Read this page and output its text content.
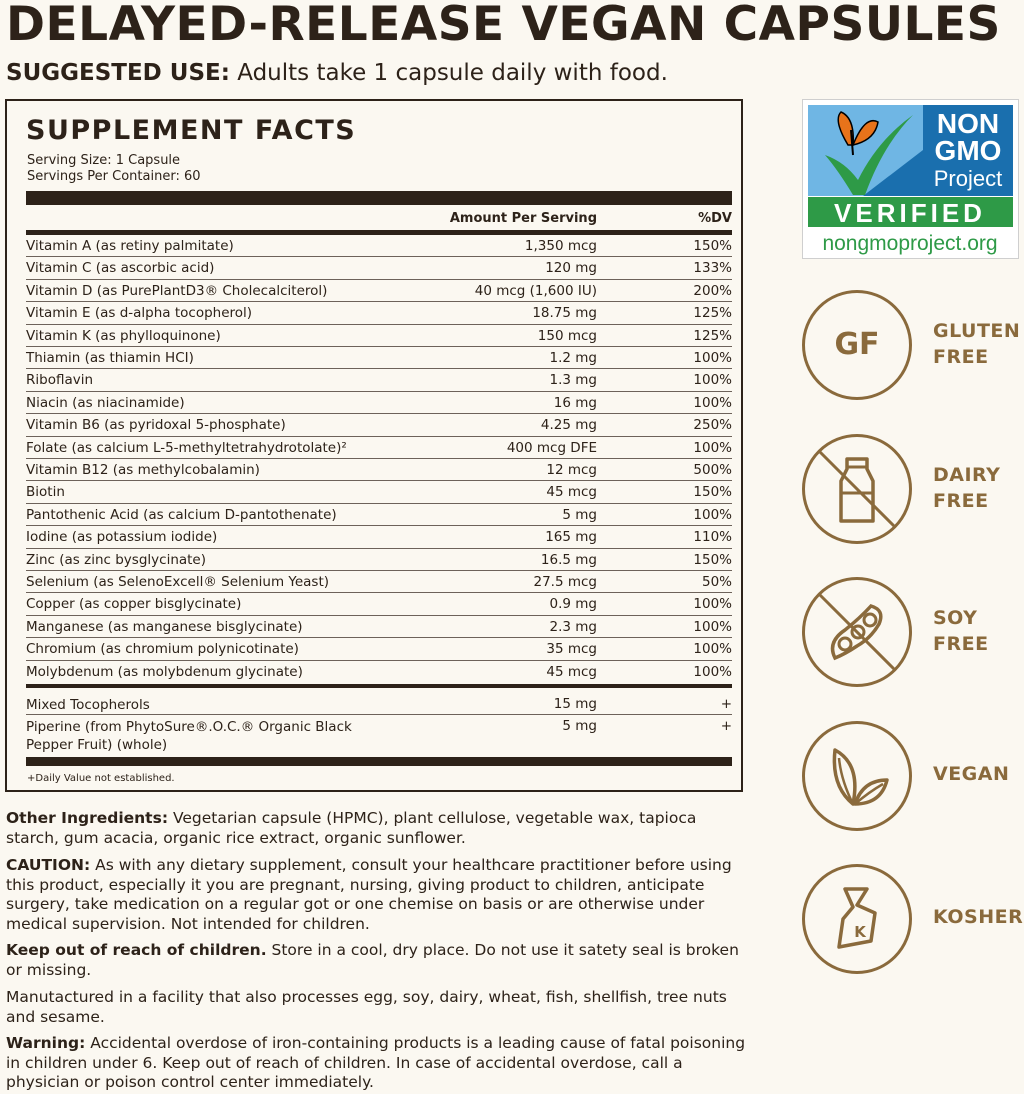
DELAYED-RELEASE VEGAN CAPSULES
SUGGESTED USE: Adults take 1 capsule daily with food.
SUPPLEMENT FACTS
Serving Size: 1 Capsule
Servings Per Container: 60
Amount Per Serving	%DV
Vitamin A (as retiny palmitate)	1,350 mcg	150%
Vitamin C (as ascorbic acid)	120 mg	133%
Vitamin D (as PurePlantD3® Cholecalciterol)	40 mcg (1,600 IU)	200%
Vitamin E (as d-alpha tocopherol)	18.75 mg	125%
Vitamin K (as phylloquinone)	150 mcg	125%
Thiamin (as thiamin HCI)	1.2 mg	100%
Riboflavin	1.3 mg	100%
Niacin (as niacinamide)	16 mg	100%
Vitamin B6 (as pyridoxal 5-phosphate)	4.25 mg	250%
Folate (as calcium L-5-methyltetrahydrotolate)²	400 mcg DFE	100%
Vitamin B12 (as methylcobalamin)	12 mcg	500%
Biotin	45 mcg	150%
Pantothenic Acid (as calcium D-pantothenate)	5 mg	100%
Iodine (as potassium iodide)	165 mg	110%
Zinc (as zinc bysglycinate)	16.5 mg	150%
Selenium (as SelenoExcell® Selenium Yeast)	27.5 mcg	50%
Copper (as copper bisglycinate)	0.9 mg	100%
Manganese (as manganese bisglycinate)	2.3 mg	100%
Chromium (as chromium polynicotinate)	35 mcg	100%
Molybdenum (as molybdenum glycinate)	45 mcg	100%
Mixed Tocopherols	15 mg	+
Piperine (from PhytoSure®.O.C.® Organic Black Pepper Fruit) (whole)
5 mg	+
+Daily Value not established.
Other Ingredients: Vegetarian capsule (HPMC), plant cellulose, vegetable wax, tapioca starch, gum acacia, organic rice extract, organic sunflower.
CAUTION: As with any dietary supplement, consult your healthcare practitioner before using this product, especially it you are pregnant, nursing, giving product to children, anticipate surgery, take medication on a regular got or one chemise on basis or are otherwise under medical supervision. Not intended for children.
Keep out of reach of children. Store in a cool, dry place. Do not use it satety seal is broken or missing.
Manutactured in a facility that also processes egg, soy, dairy, wheat, fish, shellfish, tree nuts and sesame.
Warning: Accidental overdose of iron-containing products is a leading cause of fatal poisoning in children under 6. Keep out of reach of children. In case of accidental overdose, call a physician or poison control center immediately.
NON
GMO
Project
VERIFIED
nongmoproject.org
GF	GLUTEN
FREE
DAIRY
FREE
SOY
FREE
VEGAN
K
KOSHER
